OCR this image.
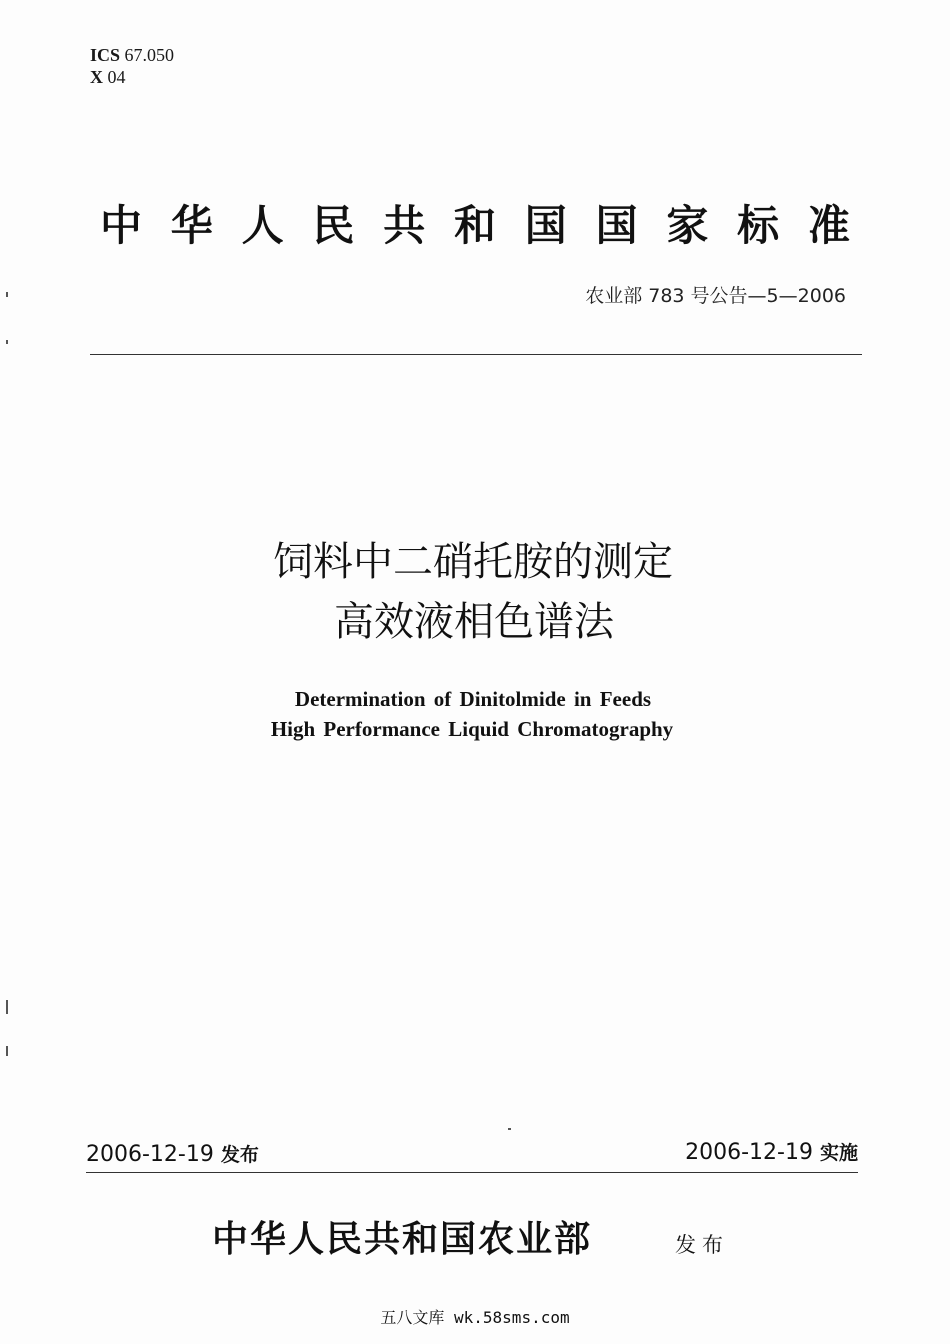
ICS 67.050
X 04
中华人民共和国国家标准
农业部 783 号公告—5—2006
饲料中二硝托胺的测定
高效液相色谱法
Determination of Dinitolmide in Feeds
High Performance Liquid Chromatography
2006-12-19 发布	2006-12-19 实施
中华人民共和国农业部	发布
五八文库 wk.58sms.com
